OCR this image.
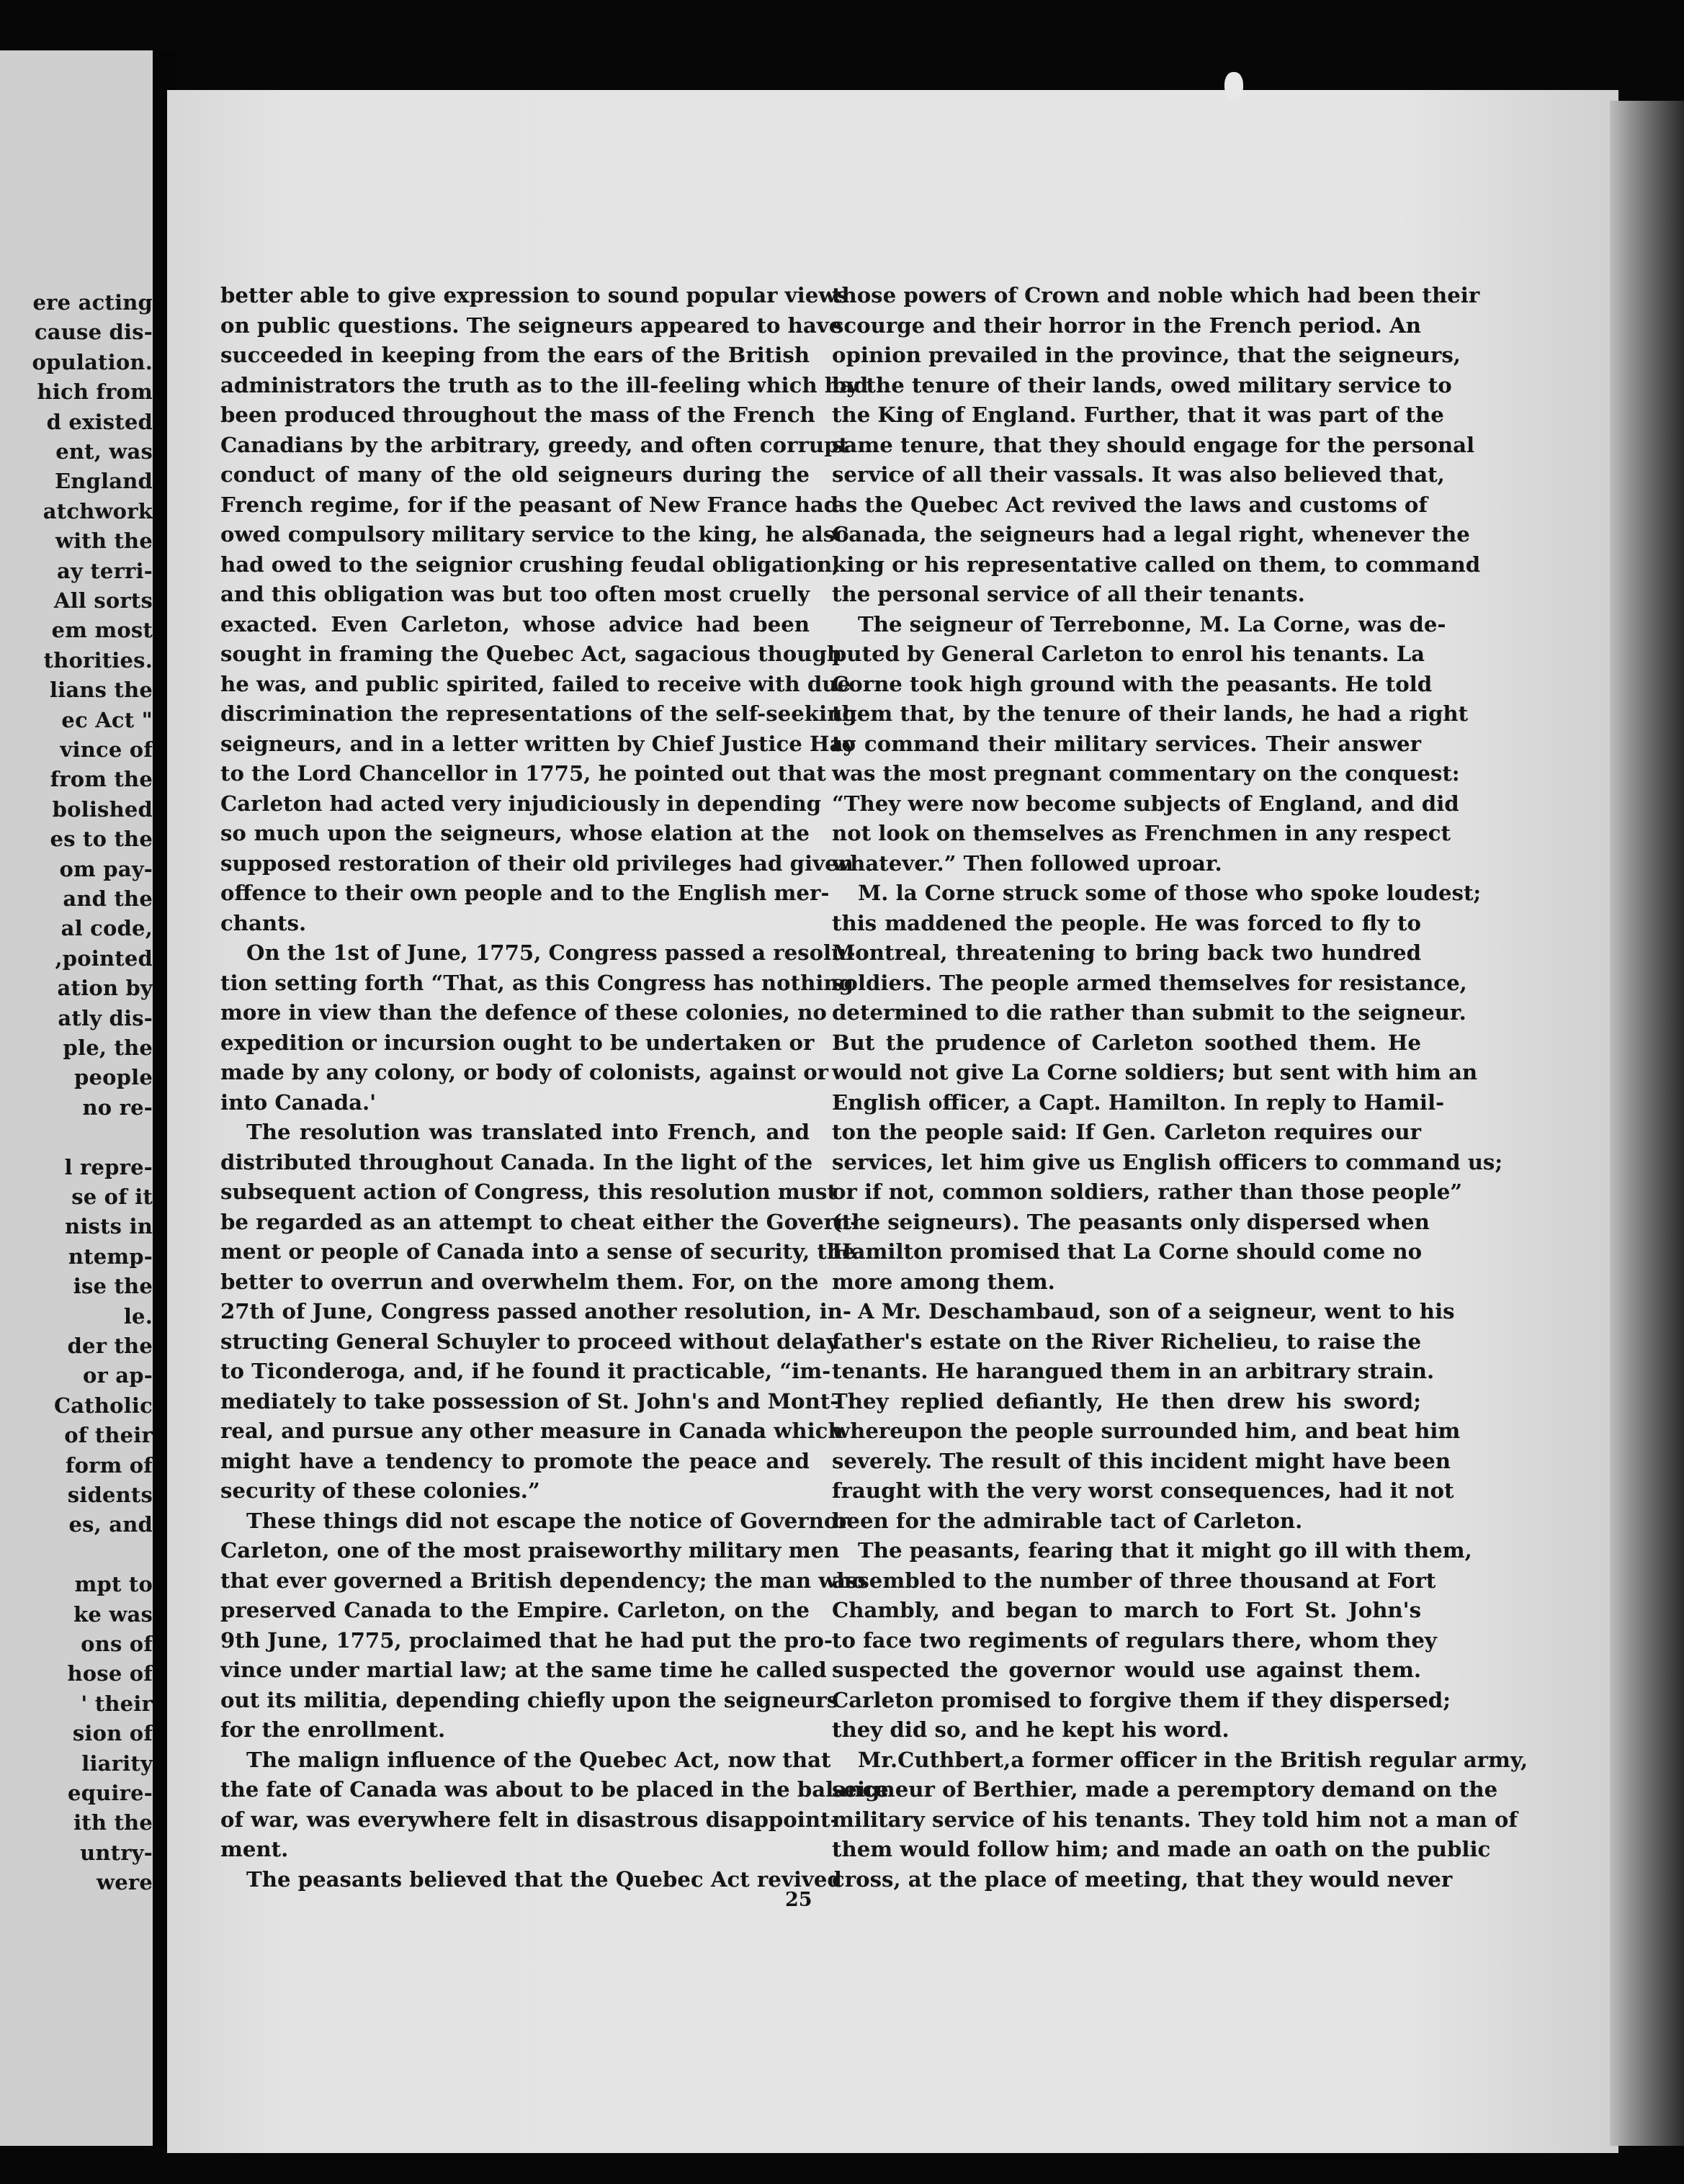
ere acting
cause dis-
opulation.
hich from
d existed
ent, was
England
atchwork
with the
ay terri-
All sorts
em most
thorities.
lians the
ec Act "
vince of
from the
bolished
es to the
om pay-
and the
al code,
,pointed
ation by
atly dis-
ple, the
people
no re-
l repre-
se of it
nists in
ntemp-
ise the
le.
der the
or ap-
Catholic
of their
form of
sidents
es, and
mpt to
ke was
ons of
hose of
' their
sion of
liarity
equire-
ith the
untry-
were
better able to give expression to sound popular views
on public questions. The seigneurs appeared to have
succeeded in keeping from the ears of the British
administrators the truth as to the ill-feeling which had
been produced throughout the mass of the French
Canadians by the arbitrary, greedy, and often corrupt
conduct of many of the old seigneurs during the
French regime, for if the peasant of New France had
owed compulsory military service to the king, he also
had owed to the seignior crushing feudal obligation,
and this obligation was but too often most cruelly
exacted. Even Carleton, whose advice had been
sought in framing the Quebec Act, sagacious though
he was, and public spirited, failed to receive with due
discrimination the representations of the self-seeking
seigneurs, and in a letter written by Chief Justice Hay
to the Lord Chancellor in 1775, he pointed out that
Carleton had acted very injudiciously in depending
so much upon the seigneurs, whose elation at the
supposed restoration of their old privileges had given
offence to their own people and to the English mer-
chants.
On the 1st of June, 1775, Congress passed a resolu-
tion setting forth “That, as this Congress has nothing
more in view than the defence of these colonies, no
expedition or incursion ought to be undertaken or
made by any colony, or body of colonists, against or
into Canada.'
The resolution was translated into French, and
distributed throughout Canada. In the light of the
subsequent action of Congress, this resolution must
be regarded as an attempt to cheat either the Govern-
ment or people of Canada into a sense of security, the
better to overrun and overwhelm them. For, on the
27th of June, Congress passed another resolution, in-
structing General Schuyler to proceed without delay
to Ticonderoga, and, if he found it practicable, “im-
mediately to take possession of St. John's and Mont-
real, and pursue any other measure in Canada which
might have a tendency to promote the peace and
security of these colonies.”
These things did not escape the notice of Governor
Carleton, one of the most praiseworthy military men
that ever governed a British dependency; the man who
preserved Canada to the Empire. Carleton, on the
9th June, 1775, proclaimed that he had put the pro-
vince under martial law; at the same time he called
out its militia, depending chiefly upon the seigneurs
for the enrollment.
The malign influence of the Quebec Act, now that
the fate of Canada was about to be placed in the balance
of war, was everywhere felt in disastrous disappoint-
ment.
The peasants believed that the Quebec Act revived
those powers of Crown and noble which had been their
scourge and their horror in the French period. An
opinion prevailed in the province, that the seigneurs,
by the tenure of their lands, owed military service to
the King of England. Further, that it was part of the
same tenure, that they should engage for the personal
service of all their vassals. It was also believed that,
as the Quebec Act revived the laws and customs of
Canada, the seigneurs had a legal right, whenever the
king or his representative called on them, to command
the personal service of all their tenants.
The seigneur of Terrebonne, M. La Corne, was de-
puted by General Carleton to enrol his tenants. La
Corne took high ground with the peasants. He told
them that, by the tenure of their lands, he had a right
to command their military services. Their answer
was the most pregnant commentary on the conquest:
“They were now become subjects of England, and did
not look on themselves as Frenchmen in any respect
whatever.” Then followed uproar.
M. la Corne struck some of those who spoke loudest;
this maddened the people. He was forced to fly to
Montreal, threatening to bring back two hundred
soldiers. The people armed themselves for resistance,
determined to die rather than submit to the seigneur.
But the prudence of Carleton soothed them. He
would not give La Corne soldiers; but sent with him an
English officer, a Capt. Hamilton. In reply to Hamil-
ton the people said: If Gen. Carleton requires our
services, let him give us English officers to command us;
or if not, common soldiers, rather than those people”
(the seigneurs). The peasants only dispersed when
Hamilton promised that La Corne should come no
more among them.
A Mr. Deschambaud, son of a seigneur, went to his
father's estate on the River Richelieu, to raise the
tenants. He harangued them in an arbitrary strain.
They replied defiantly, He then drew his sword;
whereupon the people surrounded him, and beat him
severely. The result of this incident might have been
fraught with the very worst consequences, had it not
been for the admirable tact of Carleton.
The peasants, fearing that it might go ill with them,
assembled to the number of three thousand at Fort
Chambly, and began to march to Fort St. John's
to face two regiments of regulars there, whom they
suspected the governor would use against them.
Carleton promised to forgive them if they dispersed;
they did so, and he kept his word.
Mr.Cuthbert,a former officer in the British regular army,
seigneur of Berthier, made a peremptory demand on the
military service of his tenants. They told him not a man of
them would follow him; and made an oath on the public
cross, at the place of meeting, that they would never
25
